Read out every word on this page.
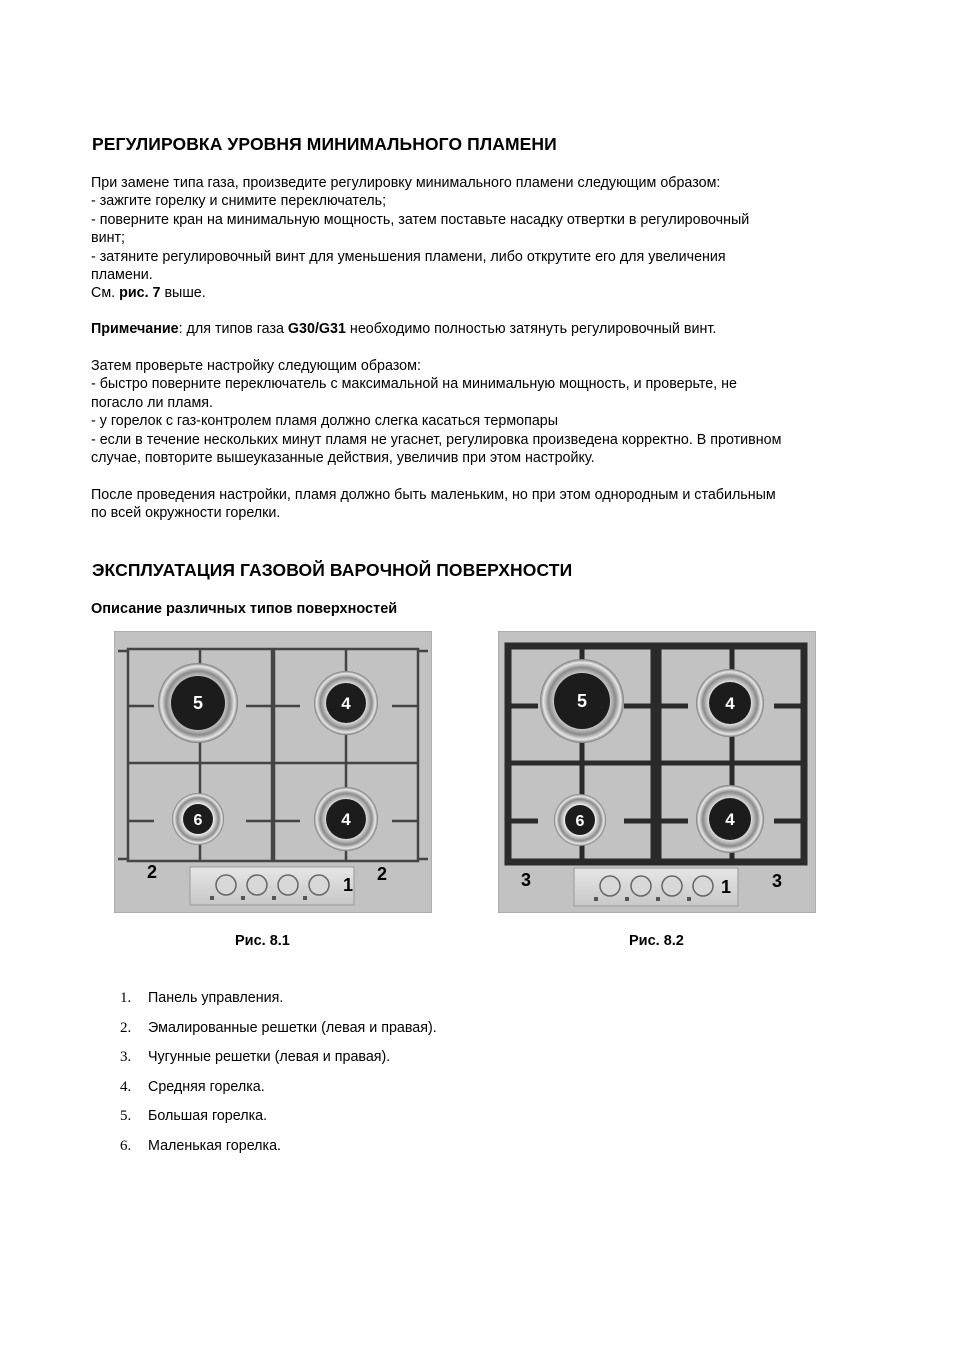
РЕГУЛИРОВКА УРОВНЯ МИНИМАЛЬНОГО ПЛАМЕНИ
При замене типа газа, произведите регулировку минимального пламени следующим образом:
- зажгите горелку и снимите переключатель;
- поверните кран на минимальную мощность, затем поставьте насадку отвертки в регулировочный
винт;
- затяните регулировочный винт для уменьшения пламени, либо открутите его для увеличения
пламени.
См. рис. 7 выше.
Примечание: для типов газа G30/G31 необходимо полностью затянуть регулировочный винт.
Затем проверьте настройку следующим образом:
- быстро поверните переключатель с максимальной на минимальную мощность, и проверьте, не
погасло ли пламя.
- у горелок с газ-контролем пламя должно слегка касаться термопары
- если в течение нескольких минут пламя не угаснет, регулировка произведена корректно. В противном
случае, повторите вышеуказанные действия, увеличив при этом настройку.
После проведения настройки, пламя должно быть маленьким, но при этом однородным и стабильным
по всей окружности горелки.
ЭКСПЛУАТАЦИЯ ГАЗОВОЙ ВАРОЧНОЙ ПОВЕРХНОСТИ
Описание различных типов поверхностей
5	4
6	4
2	2
1
Рис. 8.1
5	4
6	4
3	3
1
Рис. 8.2
1. Панель управления.
2. Эмалированные решетки (левая и правая).
3. Чугунные решетки (левая и правая).
4. Средняя горелка.
5. Большая горелка.
6. Маленькая горелка.
